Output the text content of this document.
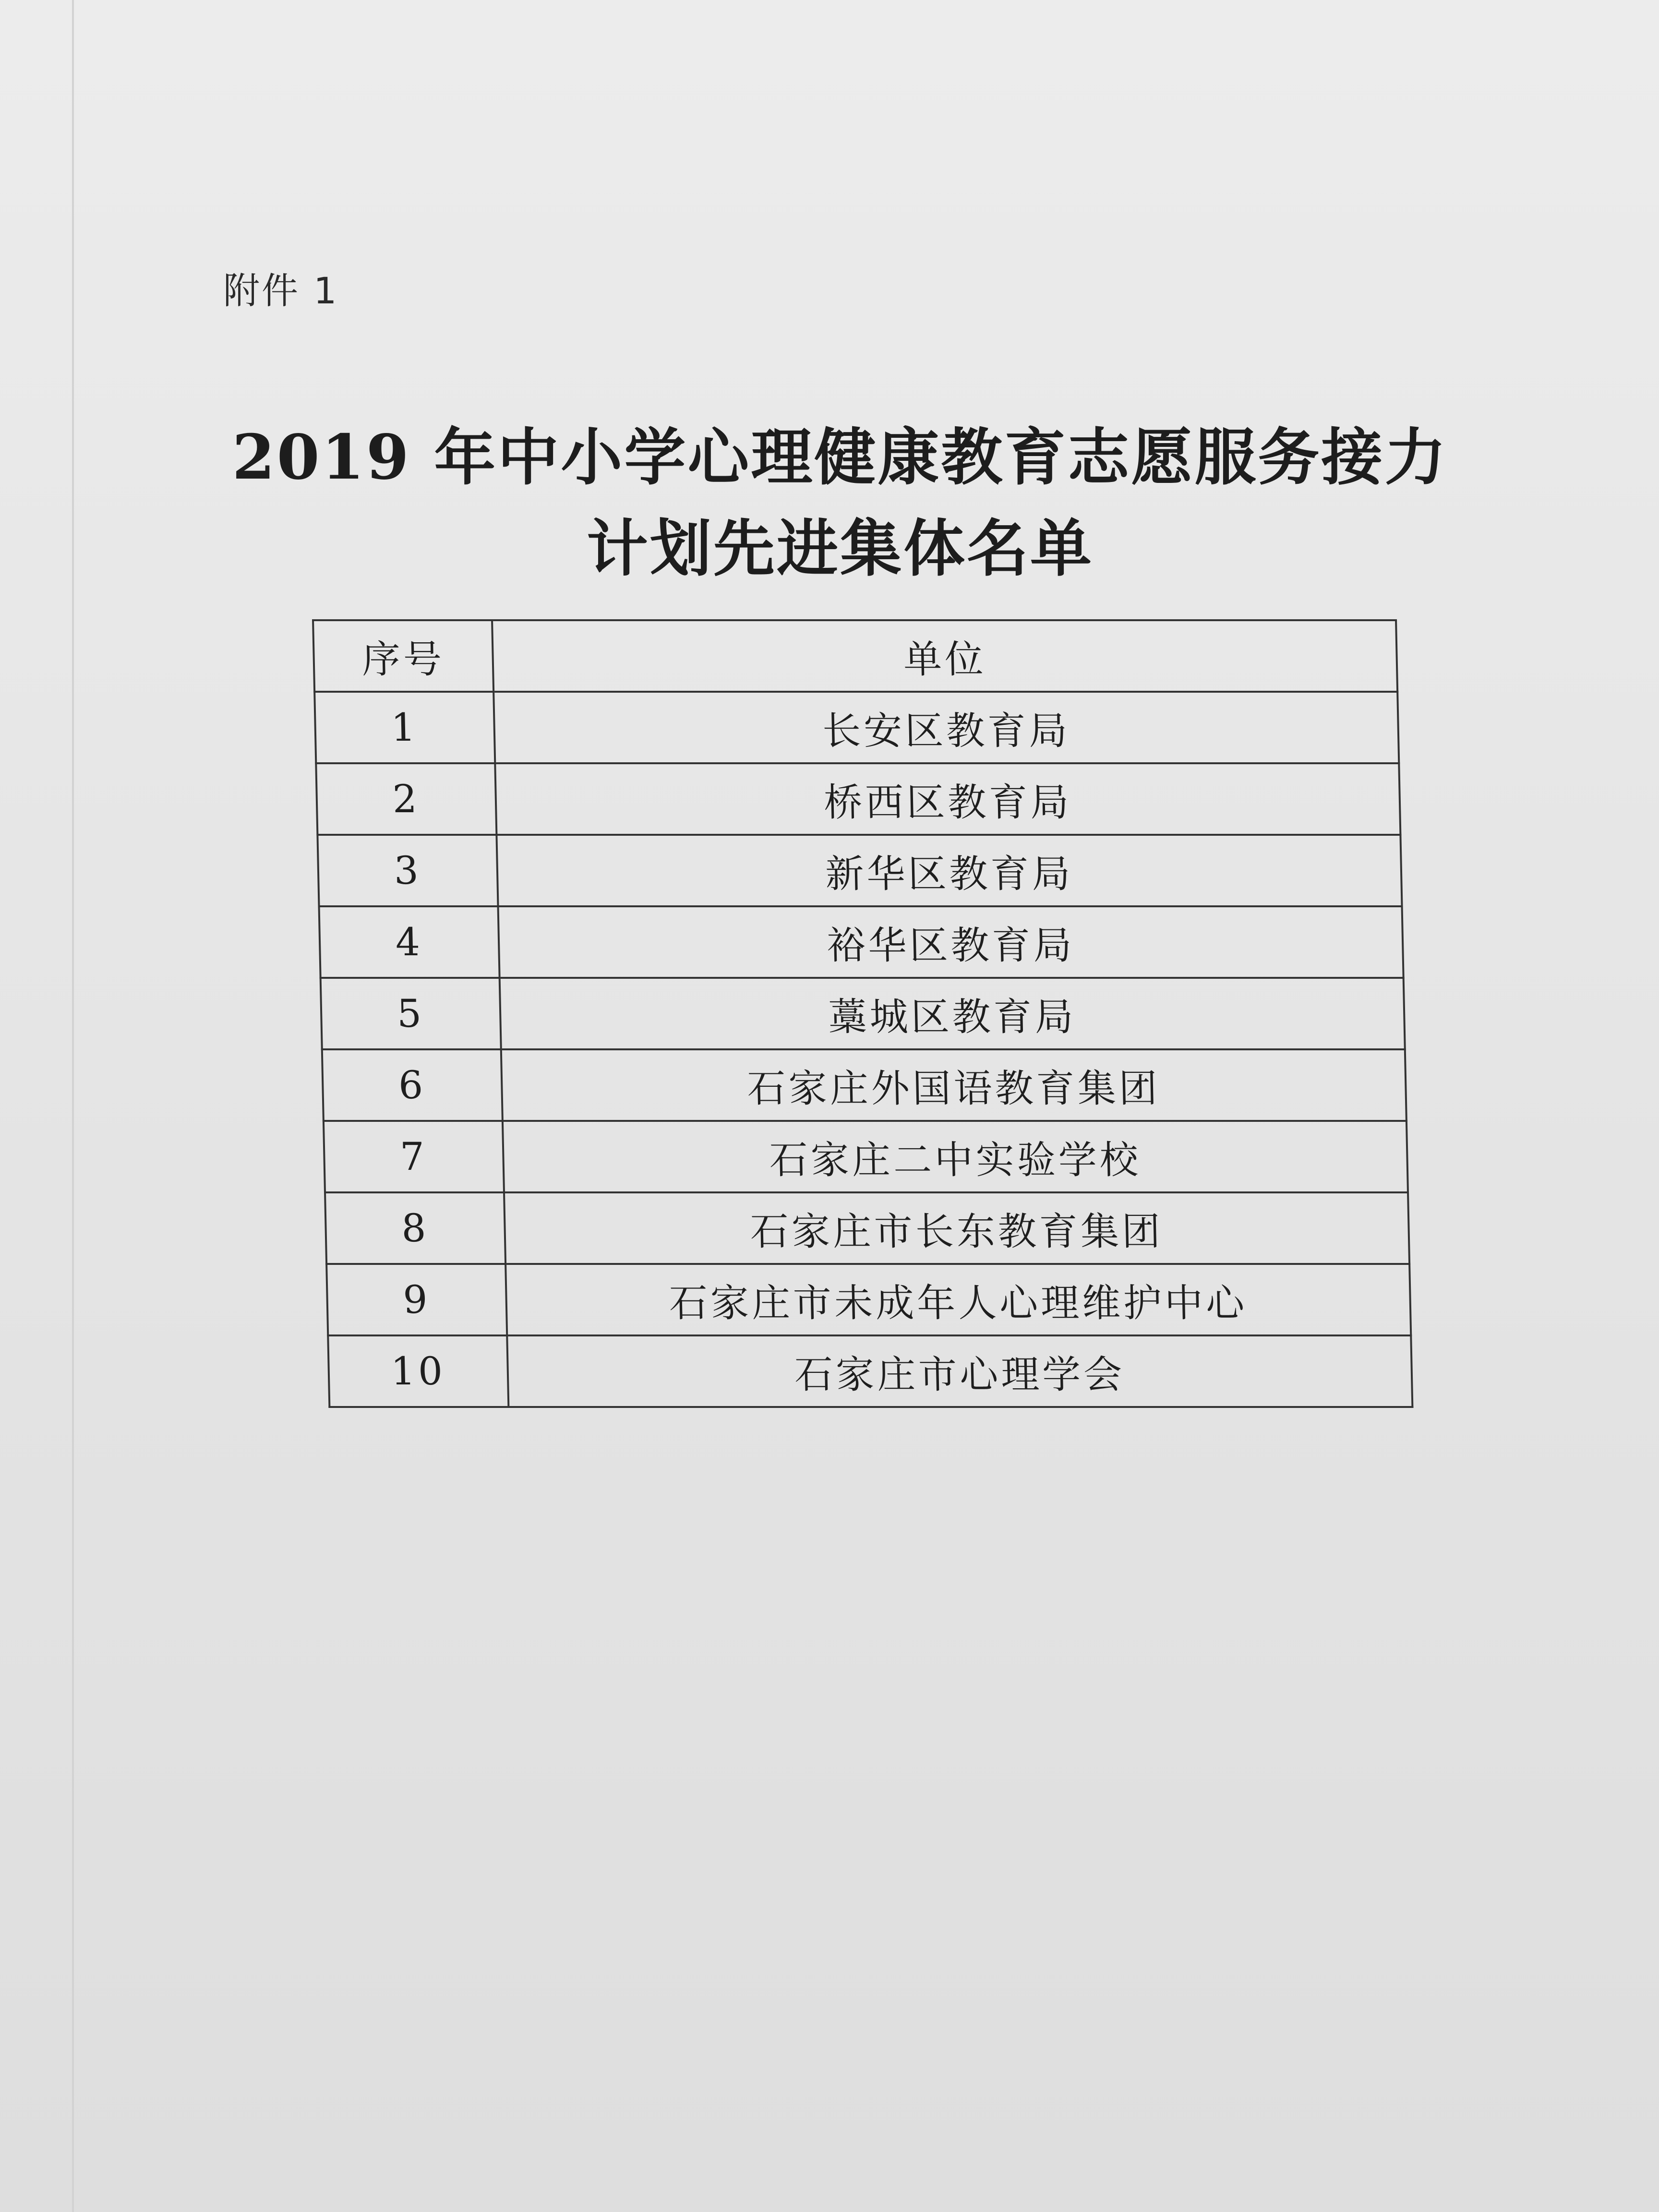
附件 1
2019 年中小学心理健康教育志愿服务接力
计划先进集体名单
序号	单位
1	长安区教育局
2	桥西区教育局
3	新华区教育局
4	裕华区教育局
5	藁城区教育局
6	石家庄外国语教育集团
7	石家庄二中实验学校
8	石家庄市长东教育集团
9	石家庄市未成年人心理维护中心
10	石家庄市心理学会
